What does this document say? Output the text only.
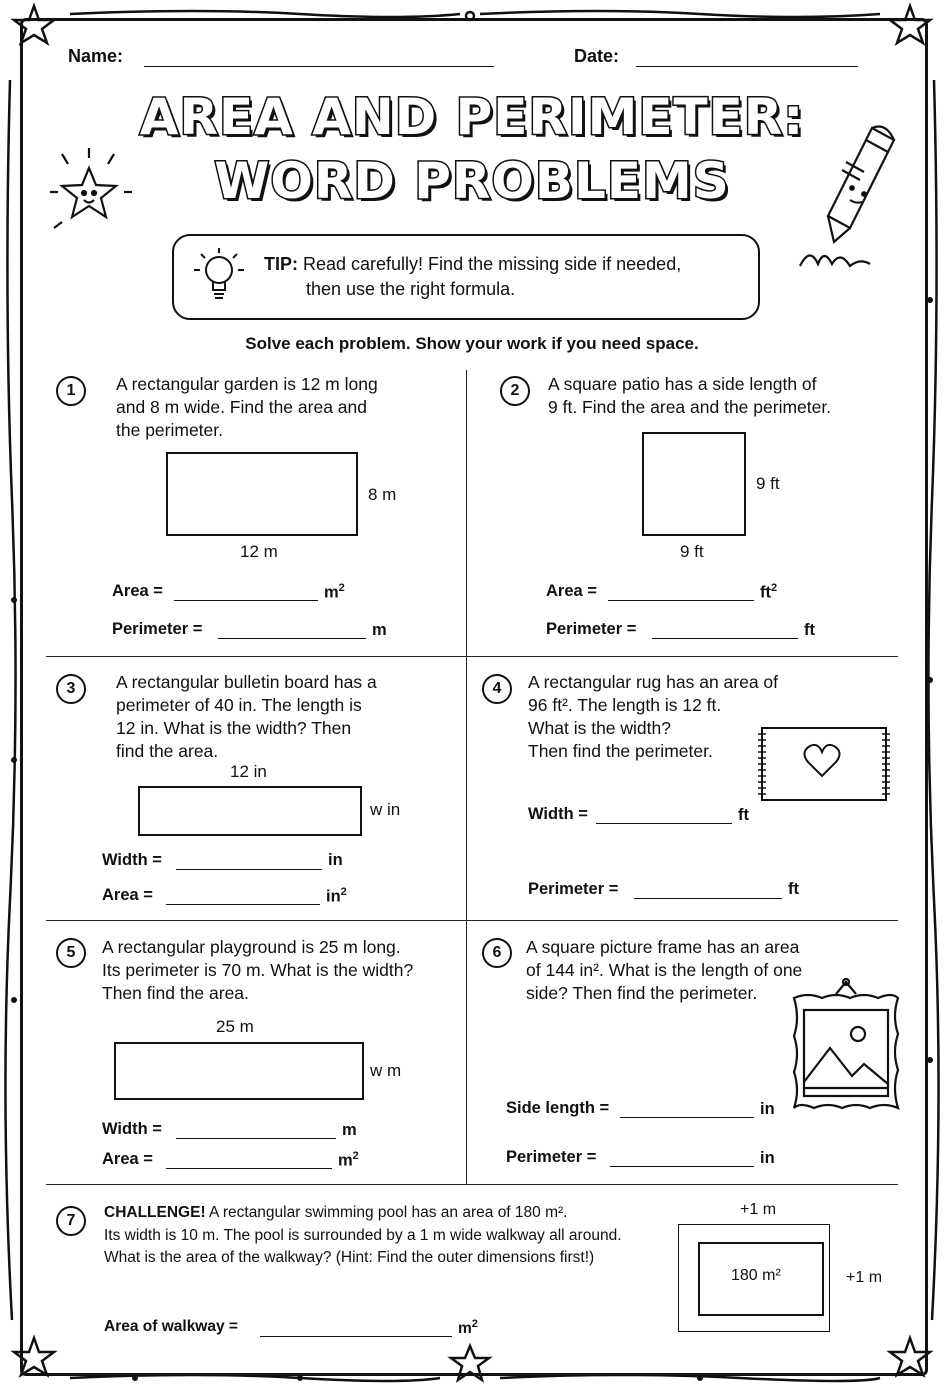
Name:	Date:
AREA AND PERIMETER:
WORD PROBLEMS
TIP: Read carefully! Find the missing side if needed,
then use the right formula.
Solve each problem. Show your work if you need space.
1	A rectangular garden is 12 m long
and 8 m wide. Find the area and
the perimeter.
8 m
12 m
Area =	$m^2$
Perimeter =	m
2	A square patio has a side length of
9 ft. Find the area and the perimeter.
9 ft
9 ft
Area =	$ft^2$
Perimeter =	ft
3	A rectangular bulletin board has a
perimeter of 40 in. The length is
12 in. What is the width? Then
find the area.
12 in
w in
Width =	in
Area =	$in^2$
4	A rectangular rug has an area of
96 ft². The length is 12 ft.
What is the width?
Then find the perimeter.
Width =	ft
Perimeter =	ft
5	A rectangular playground is 25 m long.
Its perimeter is 70 m. What is the width?
Then find the area.
25 m
w m
Width =	m
Area =	$m^2$
6	A square picture frame has an area
of 144 in². What is the length of one
side? Then find the perimeter.
Side length =	in
Perimeter =	in
7	CHALLENGE! A rectangular swimming pool has an area of 180 m².
Its width is 10 m. The pool is surrounded by a 1 m wide walkway all around.
What is the area of the walkway? (Hint: Find the outer dimensions first!)
+1 m
180 m²	+1 m
Area of walkway =	$m^2$
